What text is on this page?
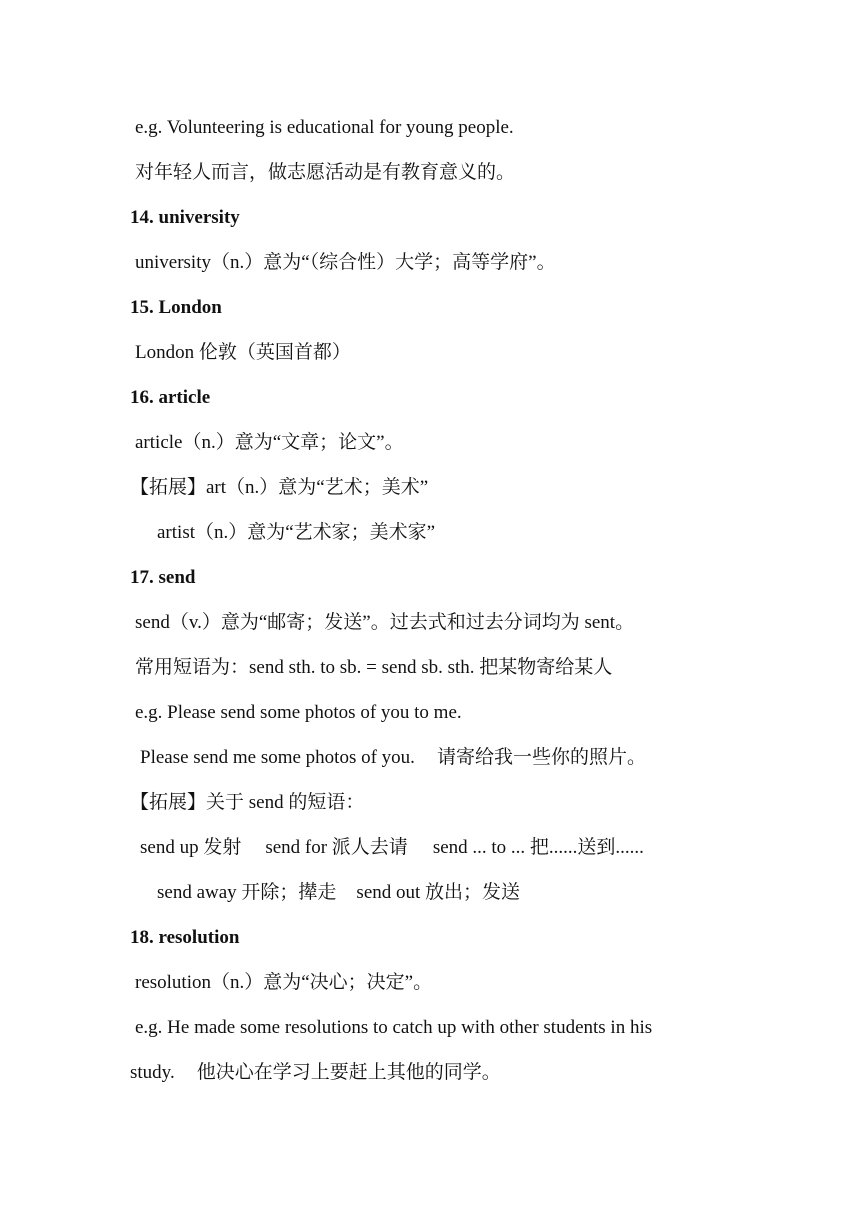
e.g. Volunteering is educational for young people.
对年轻人而言，做志愿活动是有教育意义的。
14. university
university（n.）意为“（综合性）大学；高等学府”。
15. London
London 伦敦（英国首都）
16. article
article（n.）意为“文章；论文”。
【拓展】art（n.）意为“艺术；美术”
artist（n.）意为“艺术家；美术家”
17. send
send（v.）意为“邮寄；发送”。过去式和过去分词均为 sent。
常用短语为：send sth. to sb. = send sb. sth. 把某物寄给某人
e.g. Please send some photos of you to me.
Please send me some photos of you. 请寄给我一些你的照片。
【拓展】关于 send 的短语：
send up 发射 send for 派人去请 send ... to ... 把......送到......
send away 开除；撵走 send out 放出；发送
18. resolution
resolution（n.）意为“决心；决定”。
e.g. He made some resolutions to catch up with other students in his
study. 他决心在学习上要赶上其他的同学。
